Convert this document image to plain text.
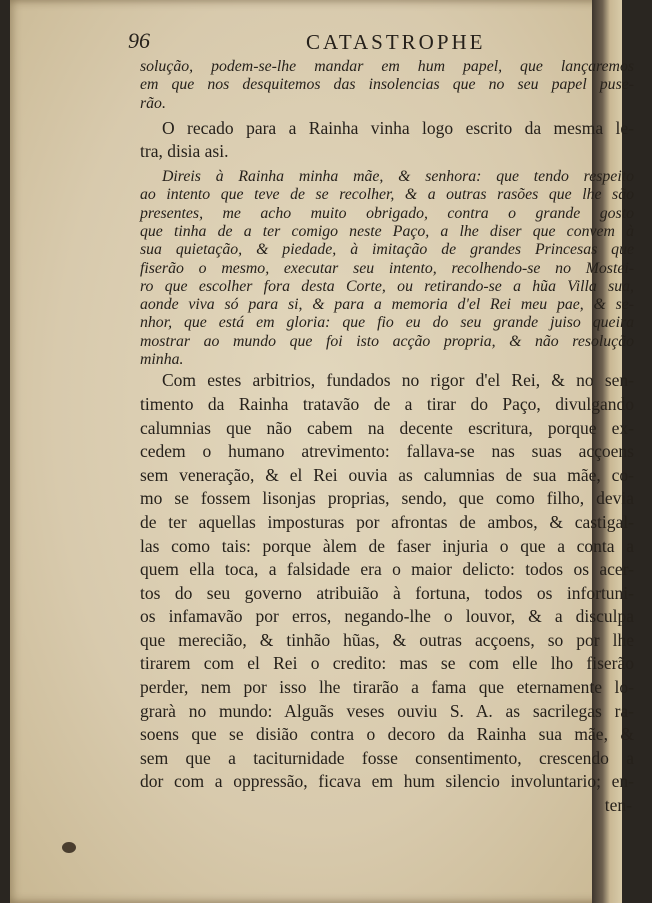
96	CATASTROPHE
solução, podem-se-lhe mandar em hum papel, que lançaremos
em que nos desquitemos das insolencias que no seu papel puse-
rão.
O recado para a Rainha vinha logo escrito da mesma le-
tra, disia asi.
Direis à Rainha minha mãe, & senhora: que tendo respeito
ao intento que teve de se recolher, & a outras rasões que lhe são
presentes, me acho muito obrigado, contra o grande gosto
que tinha de a ter comigo neste Paço, a lhe diser que convem à
sua quietação, & piedade, à imitação de grandes Princesas que
fiserão o mesmo, executar seu intento, recolhendo-se no Mostei-
ro que escolher fora desta Corte, ou retirando-se a hũa Villa sua,
aonde viva só para si, & para a memoria d'el Rei meu pae, & se-
nhor, que está em gloria: que fio eu do seu grande juiso queira
mostrar ao mundo que foi isto acção propria, & não resolução
minha.
Com estes arbitrios, fundados no rigor d'el Rei, & no sen-
timento da Rainha tratavão de a tirar do Paço, divulgando
calumnias que não cabem na decente escritura, porque ex-
cedem o humano atrevimento: fallava-se nas suas acçoens
sem veneração, & el Rei ouvia as calumnias de sua mãe, co-
mo se fossem lisonjas proprias, sendo, que como filho, devia
de ter aquellas imposturas por afrontas de ambos, & castigal-
las como tais: porque àlem de faser injuria o que a conta a
quem ella toca, a falsidade era o maior delicto: todos os acer-
tos do seu governo atribuião à fortuna, todos os infortuni-
os infamavão por erros, negando-lhe o louvor, & a disculpa
que merecião, & tinhão hũas, & outras acçoens, so por lhe
tirarem com el Rei o credito: mas se com elle lho fiserão
perder, nem por isso lhe tirarão a fama que eternamente lo-
grarà no mundo: Alguãs veses ouviu S. A. as sacrilegas ra-
soens que se disião contra o decoro da Rainha sua mãe, &
sem que a taciturnidade fosse consentimento, crescendo a
dor com a oppressão, ficava em hum silencio involuntario; en-
ten-
